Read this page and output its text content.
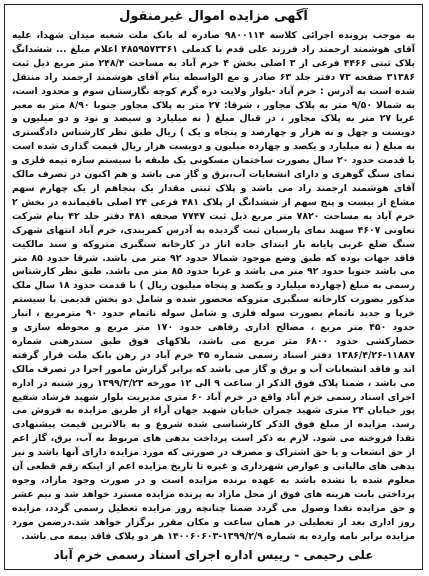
آگهی مزایده اموال غیرمنقول
به موجب پرونده اجرائی کلاسه ۹۸۰۰۱۱۴ صادره له بانک ملت شعبه میدان شهدا، علیه آقای هوشمند ارجمند راد فرزند علی قدم با کدملی ۴۸۵۹۵۷۳۳۶۱ اعلام مبلغ ... ششدانگ پلاک ثبتی ۴۴۶۶ فرعی از ۳ اصلی بخش ۴ خرم آباد به مساحت ۲۴۸/۴ متر مربع ذیل ثبت ۳۱۳۸۶ صفحه ۷۳ دفتر جلد ۶۳ صادر و مع الواسطه بنام آقای هوشمند ارجمند راد منتقل شده است به آدرس : خرم آباد -بلوار ولایت دره گرم کوچه نگارستان سوم و محدود است، به شمالا ۹/۵۰ متر به پلاک مجاور ، شرقا: ۲۷ متر به پلاک مجاور جنوبا ۸/۹۰ متر به معبر غربا ۲۷ متر به پلاک مجاور ، در قبال مبلغ ( نه میلیارد و سیصد و نود و دو میلیون و دویست و چهل و نه هزار و چهارصد و پنجاه و یک ) ریال طبق نظر کارشناس دادگستری به مبلغ ( نه میلیارد و یکصد و چهارده میلیون و دویست هزار ریال قیمت گذاری شده است با قدمت حدود ۲۰ سال بصورت ساختمان مسکونی یک طبقه با سیستم سازه تیمه فلزی و نمای سنگ گوهری و دارای انشعابات آب،برق و گاز می باشد و هم اکنون در تصرف مالک آقای هوشمند ارجمند راد می باشد و پلاک ثبتی مقدار یک پنجاهم از یک چهارم سهم مشاع از بیست و پنج سهم از ششدانگ از پلاک ۴۸۱ فرعی ۲۴ اصلی باقیمانده در بخش ۲ خرم آباد به مساحت ۷۸۲۰ متر مربع ذیل ثبت ۷۷۴۷ صحفه ۴۸۱ دفتر جلد ۴۲ بنام شرکت تعاونی ۴۶۰۷ سهند نمای پارسیان ثبت گردیده به آدرس کمربندی، خرم آباد انتهای شهرک سنگ ضلع غربی پایانه بار ابتدای جاده اناز در کارخانه سنگبری متروکه و سند مالکیت فاقد جهات بوده که طبق وضع موجود شمالا حدود ۹۲ متر می باشد. شرقا حدود ۸۵ متر می باشد جنوبا حدود ۹۲ متر می باشد و غربا حدود ۸۵ متر می باشد. طبق نظر کارشناس رسمی به مبلغ (چهارده میلیارد و یکصد و پنجاه میلیون ریال ) با قدمت حدود ۱۸ سال ملک مذکور بصورت کارخانه سنگبری متروکه محصور شده و شامل دو بخش قدیمی با سیستم خرپا و جدید ناتمام بصورت سوله فلزی و شامل سوله ناتمام حدود ۹۰ مترمربع ، انبار حدود ۴۵۰ متر مربع ، مصالح اداری رفاهی حدود ۱۷۰ متر مربع و محوطه سازی و حصارکشی حدود ۶۸۰۰ متر مربع می باشد، بلاکهای فوق طبق سندرهنی شماره ۱۱۸۸۷-۱۳۸۶/۴/۲۶ دفتر اسناد رسمی شماره ۴۵ خرم آباد در رهن بانک ملت قرار گرفته اند و فاقد انشعابات آب و برق و گاز می باشد که برابر گزارش مامور اجرا در تصرف مالک می باشد ، ضمنا پلاک فوق الذکر از ساعت ۹ الی ۱۲ مورخه ۱۳۹۹/۳/۲۳ روز شنبه در اداره اجرای اسناد رسمی خرم آباد واقع در خرم آباد ۶۰ متری مدیریت بلوار شهید فرشاد شفیع پور خیابان ۲۴ متری شهید چمران خیابان شهید جهان آراء از طریق مزایده به فروش می رسد. مزایده از مبلغ فوق الذکر کارشناسی شده شروع و به بالاترین قیمت پیشنهادی نقدا فروخته می شود. لازم به ذکر است پرداخت بدهی های مربوط به آب، برق، گاز اعم از حق انشعاب و یا حق اشتراک و مصرف در صورتی که مورد مزایده دارای آنها باشد و نیز بدهی های مالیاتی و عوارض شهرداری و غیره تا تاریخ مزایده اعم از اینکه رقم قطعی آن معلوم شده یا نشده باشد به عهده برنده مزایده است و در صورت وجود مازاد، وجوه پرداختی بابت هزینه های فوق از محل مازاد به برنده مزایده مسترد خواهد شد و نیم عشر و حق مزایده نقدا وصول می گردد ضمنا چنانچه روز مزایده تعطیل رسمی گردد، مزایده روز اداری بعد از تعطیلی در همان ساعت و مکان مقرر برگزار خواهد شد.درضمن مورد مزایده برابر نامه وارده به شماره ۱۳۹۹/۲/۹-۱۴۰۰۶۰۶۰۳ هر دو پلاک فاقد بیمه می باشد.
علی رحیمی - رییس اداره اجرای اسناد رسمی خرم آباد
